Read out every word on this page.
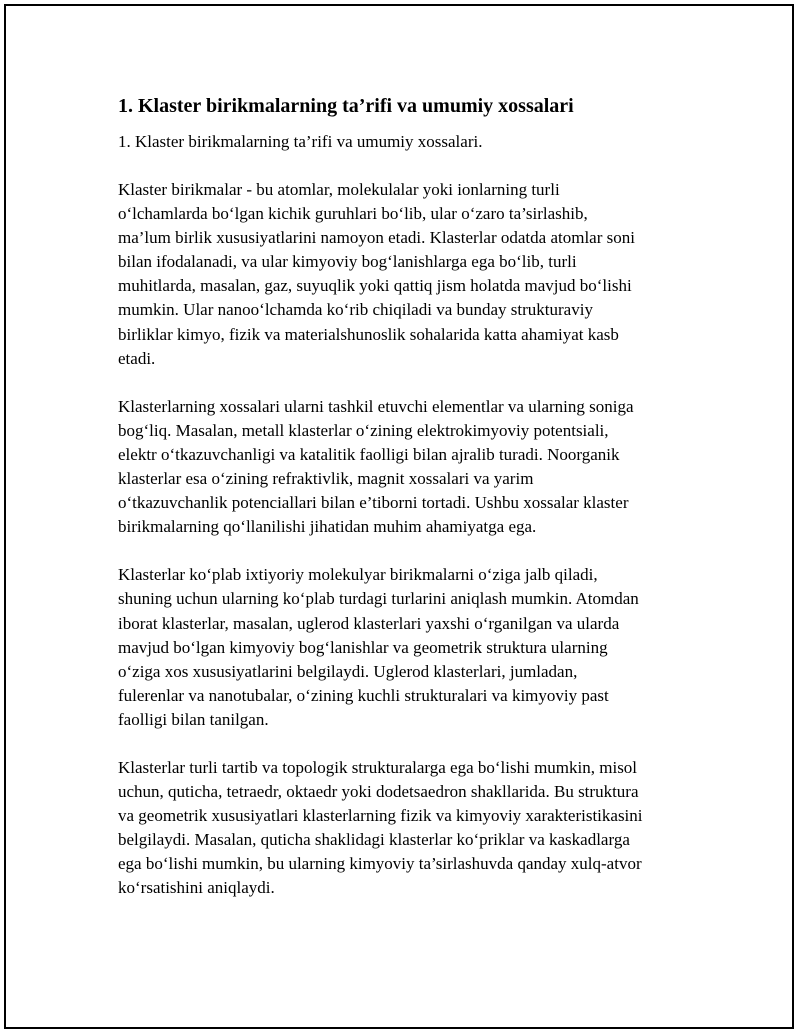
1. Klaster birikmalarning ta’rifi va umumiy xossalari
1. Klaster birikmalarning ta’rifi va umumiy xossalari.

Klaster birikmalar - bu atomlar, molekulalar yoki ionlarning turli
o‘lchamlarda bo‘lgan kichik guruhlari bo‘lib, ular o‘zaro ta’sirlashib,
ma’lum birlik xususiyatlarini namoyon etadi. Klasterlar odatda atomlar soni
bilan ifodalanadi, va ular kimyoviy bog‘lanishlarga ega bo‘lib, turli
muhitlarda, masalan, gaz, suyuqlik yoki qattiq jism holatda mavjud bo‘lishi
mumkin. Ular nanoo‘lchamda ko‘rib chiqiladi va bunday strukturaviy
birliklar kimyo, fizik va materialshunoslik sohalarida katta ahamiyat kasb
etadi.

Klasterlarning xossalari ularni tashkil etuvchi elementlar va ularning soniga
bog‘liq. Masalan, metall klasterlar o‘zining elektrokimyoviy potentsiali,
elektr o‘tkazuvchanligi va katalitik faolligi bilan ajralib turadi. Noorganik
klasterlar esa o‘zining refraktivlik, magnit xossalari va yarim
o‘tkazuvchanlik potenciallari bilan e’tiborni tortadi. Ushbu xossalar klaster
birikmalarning qo‘llanilishi jihatidan muhim ahamiyatga ega.

Klasterlar ko‘plab ixtiyoriy molekulyar birikmalarni o‘ziga jalb qiladi,
shuning uchun ularning ko‘plab turdagi turlarini aniqlash mumkin. Atomdan
iborat klasterlar, masalan, uglerod klasterlari yaxshi o‘rganilgan va ularda
mavjud bo‘lgan kimyoviy bog‘lanishlar va geometrik struktura ularning
o‘ziga xos xususiyatlarini belgilaydi. Uglerod klasterlari, jumladan,
fulerenlar va nanotubalar, o‘zining kuchli strukturalari va kimyoviy past
faolligi bilan tanilgan.

Klasterlar turli tartib va topologik strukturalarga ega bo‘lishi mumkin, misol
uchun, quticha, tetraedr, oktaedr yoki dodetsaedron shakllarida. Bu struktura
va geometrik xususiyatlari klasterlarning fizik va kimyoviy xarakteristikasini
belgilaydi. Masalan, quticha shaklidagi klasterlar ko‘priklar va kaskadlarga
ega bo‘lishi mumkin, bu ularning kimyoviy ta’sirlashuvda qanday xulq-atvor
ko‘rsatishini aniqlaydi.
